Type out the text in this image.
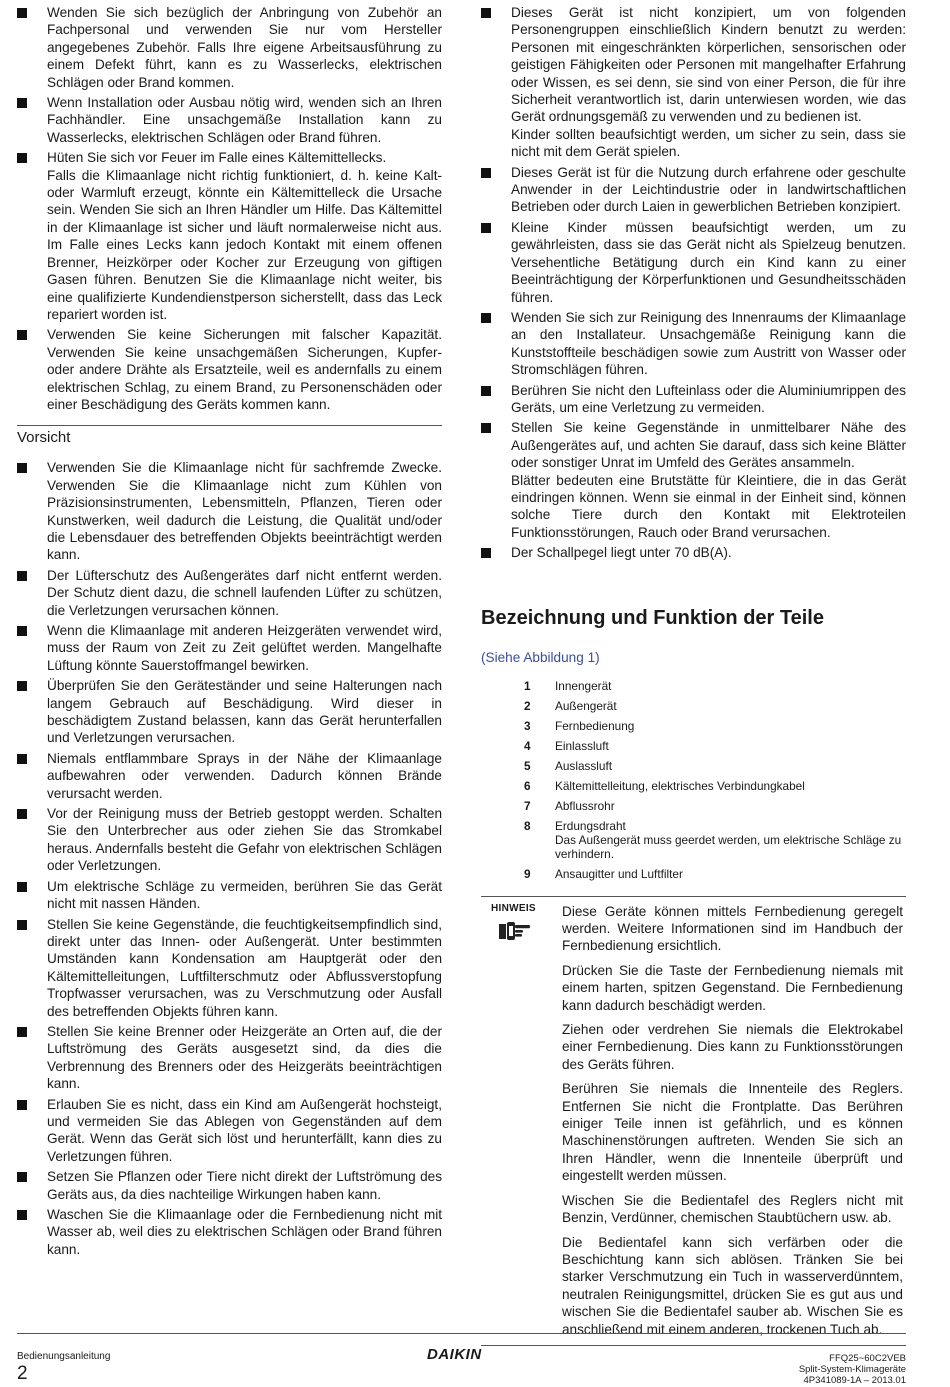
Wenden Sie sich bezüglich der Anbringung von Zubehör an Fachpersonal und verwenden Sie nur vom Hersteller angegebenes Zubehör. Falls Ihre eigene Arbeitsausführung zu einem Defekt führt, kann es zu Wasserlecks, elektrischen Schlägen oder Brand kommen.

Wenn Installation oder Ausbau nötig wird, wenden sich an Ihren Fachhändler. Eine unsachgemäße Installation kann zu Wasserlecks, elektrischen Schlägen oder Brand führen.

Hüten Sie sich vor Feuer im Falle eines Kältemittellecks.

Falls die Klimaanlage nicht richtig funktioniert, d. h. keine Kalt- oder Warmluft erzeugt, könnte ein Kältemittelleck die Ursache sein. Wenden Sie sich an Ihren Händler um Hilfe. Das Kältemittel in der Klimaanlage ist sicher und läuft normalerweise nicht aus. Im Falle eines Lecks kann jedoch Kontakt mit einem offenen Brenner, Heizkörper oder Kocher zur Erzeugung von giftigen Gasen führen. Benutzen Sie die Klimaanlage nicht weiter, bis eine qualifizierte Kundendienstperson sicherstellt, dass das Leck repariert worden ist.

Verwenden Sie keine Sicherungen mit falscher Kapazität. Verwenden Sie keine unsachgemäßen Sicherungen, Kupfer- oder andere Drähte als Ersatzteile, weil es andernfalls zu einem elektrischen Schlag, zu einem Brand, zu Personenschäden oder einer Beschädigung des Geräts kommen kann.

Vorsicht

Verwenden Sie die Klimaanlage nicht für sachfremde Zwecke. Verwenden Sie die Klimaanlage nicht zum Kühlen von Präzisionsinstrumenten, Lebensmitteln, Pflanzen, Tieren oder Kunstwerken, weil dadurch die Leistung, die Qualität und/oder die Lebensdauer des betreffenden Objekts beeinträchtigt werden kann.

Der Lüfterschutz des Außengerätes darf nicht entfernt werden. Der Schutz dient dazu, die schnell laufenden Lüfter zu schützen, die Verletzungen verursachen können.

Wenn die Klimaanlage mit anderen Heizgeräten verwendet wird, muss der Raum von Zeit zu Zeit gelüftet werden. Mangelhafte Lüftung könnte Sauerstoffmangel bewirken.

Überprüfen Sie den Geräteständer und seine Halterungen nach langem Gebrauch auf Beschädigung. Wird dieser in beschädigtem Zustand belassen, kann das Gerät herunterfallen und Verletzungen verursachen.

Niemals entflammbare Sprays in der Nähe der Klimaanlage aufbewahren oder verwenden. Dadurch können Brände verursacht werden.

Vor der Reinigung muss der Betrieb gestoppt werden. Schalten Sie den Unterbrecher aus oder ziehen Sie das Stromkabel heraus. Andernfalls besteht die Gefahr von elektrischen Schlägen oder Verletzungen.

Um elektrische Schläge zu vermeiden, berühren Sie das Gerät nicht mit nassen Händen.

Stellen Sie keine Gegenstände, die feuchtigkeitsempfindlich sind, direkt unter das Innen- oder Außengerät. Unter bestimmten Umständen kann Kondensation am Hauptgerät oder den Kältemittelleitungen, Luftfilterschmutz oder Abflussverstopfung Tropfwasser verursachen, was zu Verschmutzung oder Ausfall des betreffenden Objekts führen kann.

Stellen Sie keine Brenner oder Heizgeräte an Orten auf, die der Luftströmung des Geräts ausgesetzt sind, da dies die Verbrennung des Brenners oder des Heizgeräts beeinträchtigen kann.

Erlauben Sie es nicht, dass ein Kind am Außengerät hochsteigt, und vermeiden Sie das Ablegen von Gegenständen auf dem Gerät. Wenn das Gerät sich löst und herunterfällt, kann dies zu Verletzungen führen.

Setzen Sie Pflanzen oder Tiere nicht direkt der Luftströmung des Geräts aus, da dies nachteilige Wirkungen haben kann.

Waschen Sie die Klimaanlage oder die Fernbedienung nicht mit Wasser ab, weil dies zu elektrischen Schlägen oder Brand führen kann.

Dieses Gerät ist nicht konzipiert, um von folgenden Personengruppen einschließlich Kindern benutzt zu werden: Personen mit eingeschränkten körperlichen, sensorischen oder geistigen Fähigkeiten oder Personen mit mangelhafter Erfahrung oder Wissen, es sei denn, sie sind von einer Person, die für ihre Sicherheit verantwortlich ist, darin unterwiesen worden, wie das Gerät ordnungsgemäß zu verwenden und zu bedienen ist.

Kinder sollten beaufsichtigt werden, um sicher zu sein, dass sie nicht mit dem Gerät spielen.

Dieses Gerät ist für die Nutzung durch erfahrene oder geschulte Anwender in der Leichtindustrie oder in landwirtschaftlichen Betrieben oder durch Laien in gewerblichen Betrieben konzipiert.

Kleine Kinder müssen beaufsichtigt werden, um zu gewährleisten, dass sie das Gerät nicht als Spielzeug benutzen. Versehentliche Betätigung durch ein Kind kann zu einer Beeinträchtigung der Körperfunktionen und Gesundheitsschäden führen.

Wenden Sie sich zur Reinigung des Innenraums der Klimaanlage an den Installateur. Unsachgemäße Reinigung kann die Kunststoffteile beschädigen sowie zum Austritt von Wasser oder Stromschlägen führen.

Berühren Sie nicht den Lufteinlass oder die Aluminiumrippen des Geräts, um eine Verletzung zu vermeiden.

Stellen Sie keine Gegenstände in unmittelbarer Nähe des Außengerätes auf, und achten Sie darauf, dass sich keine Blätter oder sonstiger Unrat im Umfeld des Gerätes ansammeln.

Blätter bedeuten eine Brutstätte für Kleintiere, die in das Gerät eindringen können. Wenn sie einmal in der Einheit sind, können solche Tiere durch den Kontakt mit Elektroteilen Funktionsstörungen, Rauch oder Brand verursachen.

Der Schallpegel liegt unter 70 dB(A).

Bezeichnung und Funktion der Teile
(Siehe Abbildung 1)
1	Innengerät
2	Außengerät
3	Fernbedienung
4	Einlassluft
5	Auslassluft
6	Kältemittelleitung, elektrisches Verbindungkabel
7	Abflussrohr
8	Erdungsdraht
Das Außengerät muss geerdet werden, um elektrische Schläge zu verhindern.
9	Ansaugitter und Luftfilter
HINWEIS	Diese Geräte können mittels Fernbedienung geregelt werden. Weitere Informationen sind im Handbuch der Fernbedienung ersichtlich.

Drücken Sie die Taste der Fernbedienung niemals mit einem harten, spitzen Gegenstand. Die Fernbedienung kann dadurch beschädigt werden.

Ziehen oder verdrehen Sie niemals die Elektrokabel einer Fernbedienung. Dies kann zu Funktionsstörungen des Geräts führen.

Berühren Sie niemals die Innenteile des Reglers. Entfernen Sie nicht die Frontplatte. Das Berühren einiger Teile innen ist gefährlich, und es können Maschinenstörungen auftreten. Wenden Sie sich an Ihren Händler, wenn die Innenteile überprüft und eingestellt werden müssen.

Wischen Sie die Bedientafel des Reglers nicht mit Benzin, Verdünner, chemischen Staubtüchern usw. ab.

Die Bedientafel kann sich verfärben oder die Beschichtung kann sich ablösen. Tränken Sie bei starker Verschmutzung ein Tuch in wasserverdünntem, neutralen Reinigungsmittel, drücken Sie es gut aus und wischen Sie die Bedientafel sauber ab. Wischen Sie es anschließend mit einem anderen, trockenen Tuch ab.

Bedienungsanleitung
2
DAIKIN	FFQ25~60C2VEB
Split-System-Klimageräte
4P341089-1A – 2013.01
